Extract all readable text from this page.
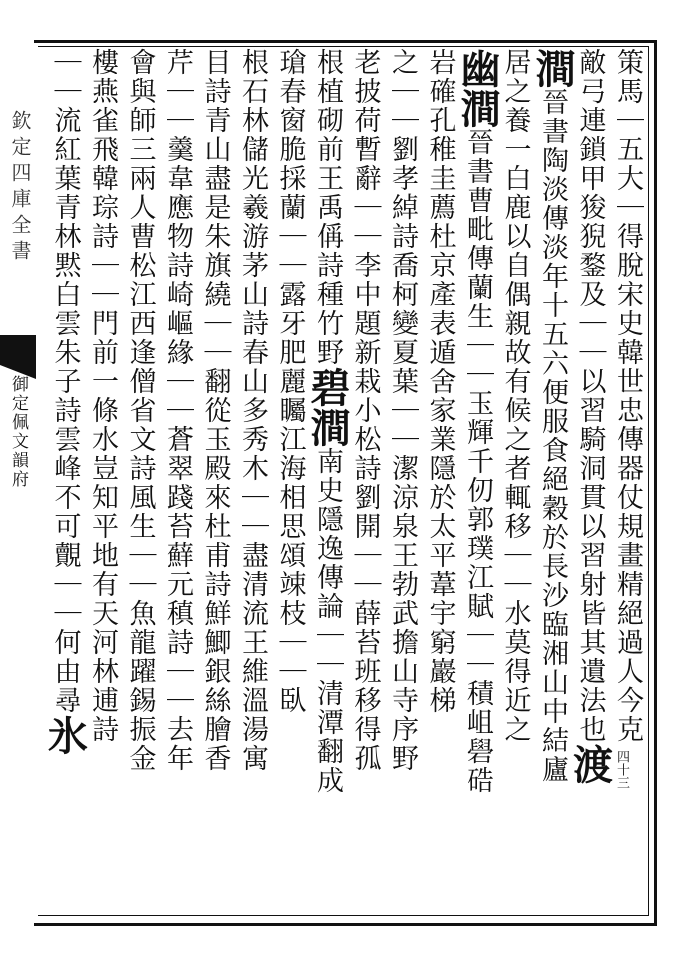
欽定四庫全書
御定佩文韻府
四十三
策馬｜五大｜得脫宋史韓世忠傳器仗規畫精絕過人今克
敵弓連鎖甲狻猊鍪及｜｜以習騎洞貫以習射皆其遺法也渡
澗晉書陶淡傳淡年十五六便服食絕穀於長沙臨湘山中結廬
居之養一白鹿以自偶親故有候之者輒移｜｜水莫得近之
幽澗晉書曹毗傳蘭生｜｜玉輝千仞郭璞江賦｜｜積岨礐硞
岩確孔稚圭薦杜京產表遁舍家業隱於太平葦宇窮巖梯
之｜｜劉孝綽詩喬柯變夏葉｜｜潔涼泉王勃武擔山寺序野
老披荷暫辭｜｜李中題新栽小松詩劉開｜｜薛苔班移得孤
根植砌前王禹偁詩種竹野碧澗南史隱逸傳論｜｜清潭翻成
瑲春窗脆採蘭｜｜露牙肥麗矚江海相思頌竦枝｜｜臥
根石林儲光羲游茅山詩春山多秀木｜｜盡清流王維溫湯寓
目詩青山盡是朱旗繞｜｜翻從玉殿來杜甫詩鮮鯽銀絲膾香
芹｜｜羹韋應物詩崎嶇緣｜｜蒼翠踐苔蘚元稹詩｜｜去年
會與師三兩人曹松江西逢僧省文詩風生｜｜魚龍躍錫振金
樓燕雀飛韓琮詩｜｜門前一條水豈知平地有天河林逋詩
｜｜流紅葉青林黙白雲朱子詩雲峰不可覿｜｜何由尋氷
